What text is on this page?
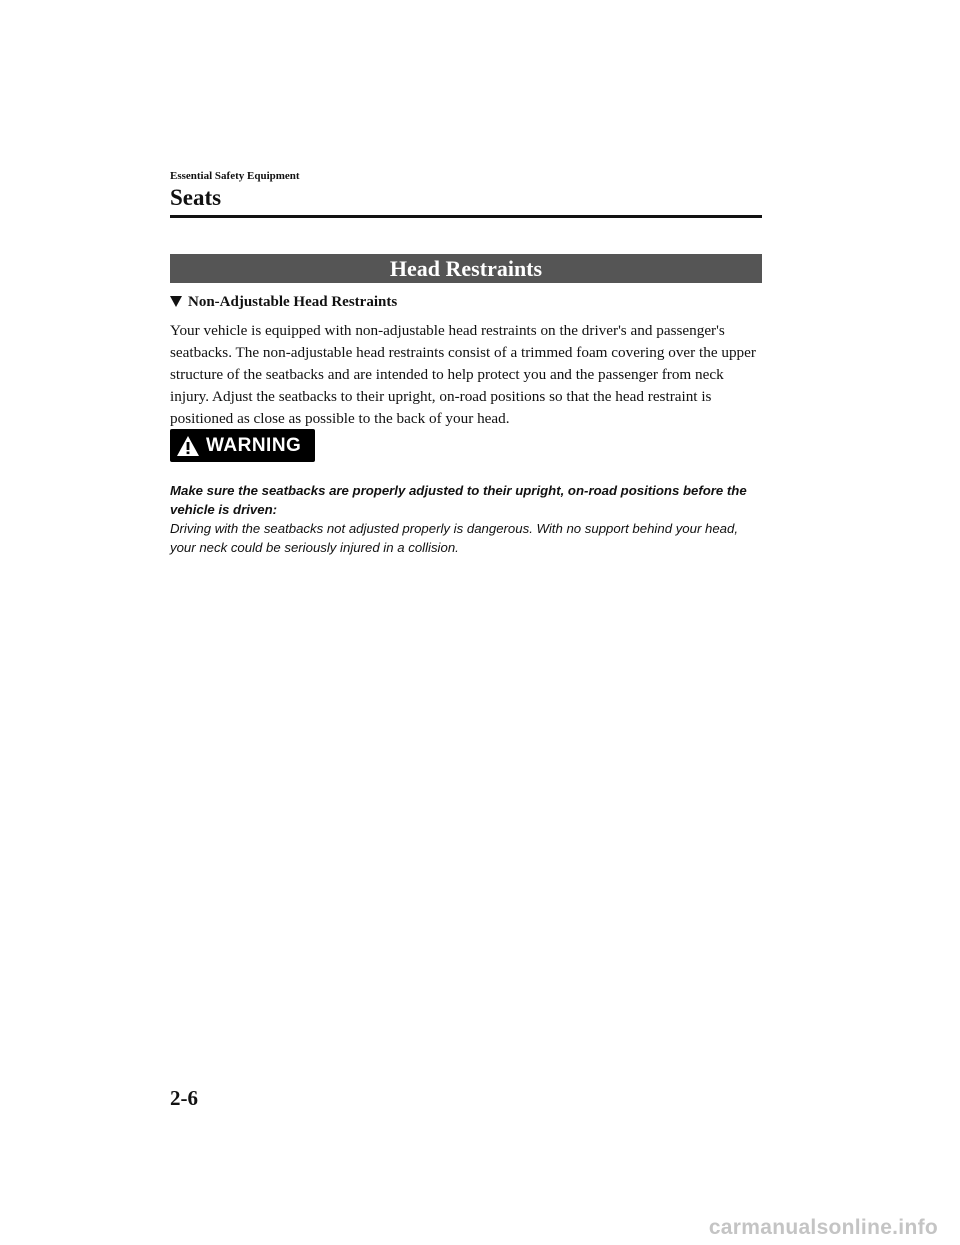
Essential Safety Equipment
Seats
Head Restraints
Non-Adjustable Head Restraints

Your vehicle is equipped with non-adjustable head restraints on the driver's and passenger's seatbacks. The non-adjustable head restraints consist of a trimmed foam covering over the upper structure of the seatbacks and are intended to help protect you and the passenger from neck injury. Adjust the seatbacks to their upright, on-road positions so that the head restraint is positioned as close as possible to the back of your head.

WARNING

Make sure the seatbacks are properly adjusted to their upright, on-road positions before the vehicle is driven:

Driving with the seatbacks not adjusted properly is dangerous. With no support behind your head, your neck could be seriously injured in a collision.

2-6
carmanualsonline.info
